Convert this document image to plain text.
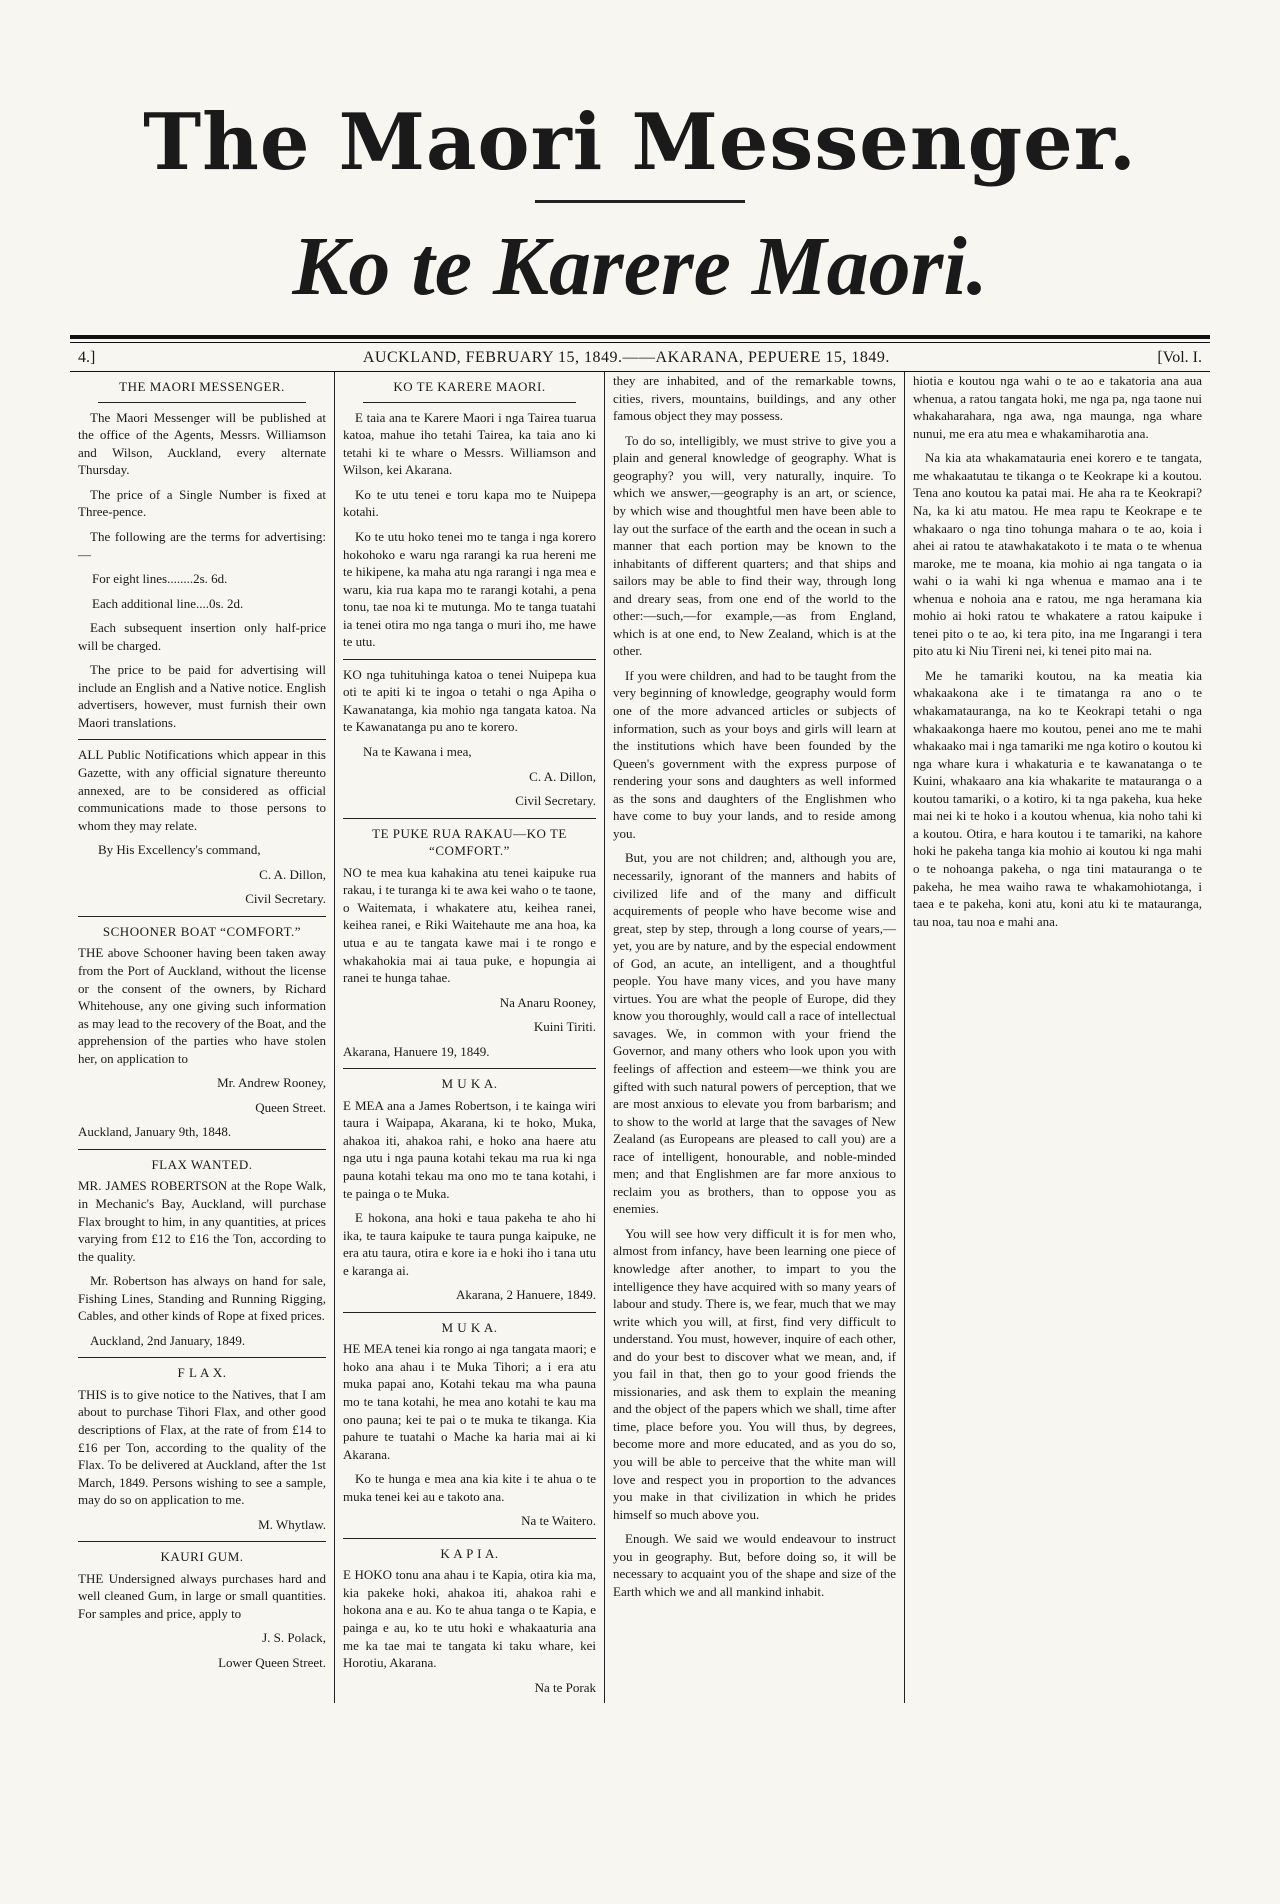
The Maori Messenger.
Ko te Karere Maori.
4.]	AUCKLAND, FEBRUARY 15, 1849.——AKARANA, PEPUERE 15, 1849.	[Vol. I.
THE MAORI MESSENGER.

The Maori Messenger will be published at the office of the Agents, Messrs. Williamson and Wilson, Auckland, every alternate Thursday.

The price of a Single Number is fixed at Three-pence.

The following are the terms for advertising:—

For eight lines........2s. 6d.

Each additional line....0s. 2d.

Each subsequent insertion only half-price will be charged.

The price to be paid for advertising will include an English and a Native notice. English advertisers, however, must furnish their own Maori translations.

ALL Public Notifications which appear in this Gazette, with any official signature thereunto annexed, are to be considered as official communications made to those persons to whom they may relate.

By His Excellency's command,

C. A. Dillon,

Civil Secretary.

SCHOONER BOAT “COMFORT.”

THE above Schooner having been taken away from the Port of Auckland, without the license or the consent of the owners, by Richard Whitehouse, any one giving such information as may lead to the recovery of the Boat, and the apprehension of the parties who have stolen her, on application to

Mr. Andrew Rooney,

Queen Street.

Auckland, January 9th, 1848.

FLAX WANTED.

MR. JAMES ROBERTSON at the Rope Walk, in Mechanic's Bay, Auckland, will purchase Flax brought to him, in any quantities, at prices varying from £12 to £16 the Ton, according to the quality.

Mr. Robertson has always on hand for sale, Fishing Lines, Standing and Running Rigging, Cables, and other kinds of Rope at fixed prices.

Auckland, 2nd January, 1849.

F L A X.

THIS is to give notice to the Natives, that I am about to purchase Tihori Flax, and other good descriptions of Flax, at the rate of from £14 to £16 per Ton, according to the quality of the Flax. To be delivered at Auckland, after the 1st March, 1849. Persons wishing to see a sample, may do so on application to me.

M. Whytlaw.

KAURI GUM.

THE Undersigned always purchases hard and well cleaned Gum, in large or small quantities. For samples and price, apply to

J. S. Polack,

Lower Queen Street.

KO TE KARERE MAORI.

E taia ana te Karere Maori i nga Tairea tuarua katoa, mahue iho tetahi Tairea, ka taia ano ki tetahi ki te whare o Messrs. Williamson and Wilson, kei Akarana.

Ko te utu tenei e toru kapa mo te Nuipepa kotahi.

Ko te utu hoko tenei mo te tanga i nga korero hokohoko e waru nga rarangi ka rua hereni me te hikipene, ka maha atu nga rarangi i nga mea e waru, kia rua kapa mo te rarangi kotahi, a pena tonu, tae noa ki te mutunga. Mo te tanga tuatahi ia tenei otira mo nga tanga o muri iho, me hawe te utu.

KO nga tuhituhinga katoa o tenei Nuipepa kua oti te apiti ki te ingoa o tetahi o nga Apiha o Kawanatanga, kia mohio nga tangata katoa. Na te Kawanatanga pu ano te korero.

Na te Kawana i mea,

C. A. Dillon,

Civil Secretary.

TE PUKE RUA RAKAU—KO TE “COMFORT.”

NO te mea kua kahakina atu tenei kaipuke rua rakau, i te turanga ki te awa kei waho o te taone, o Waitemata, i whakatere atu, keihea ranei, keihea ranei, e Riki Waitehaute me ana hoa, ka utua e au te tangata kawe mai i te rongo e whakahokia mai ai taua puke, e hopungia ai ranei te hunga tahae.

Na Anaru Rooney,

Kuini Tiriti.

Akarana, Hanuere 19, 1849.

M U K A.

E MEA ana a James Robertson, i te kainga wiri taura i Waipapa, Akarana, ki te hoko, Muka, ahakoa iti, ahakoa rahi, e hoko ana haere atu nga utu i nga pauna kotahi tekau ma rua ki nga pauna kotahi tekau ma ono mo te tana kotahi, i te painga o te Muka.

E hokona, ana hoki e taua pakeha te aho hi ika, te taura kaipuke te taura punga kaipuke, ne era atu taura, otira e kore ia e hoki iho i tana utu e karanga ai.

Akarana, 2 Hanuere, 1849.

M U K A.

HE MEA tenei kia rongo ai nga tangata maori; e hoko ana ahau i te Muka Tihori; a i era atu muka papai ano, Kotahi tekau ma wha pauna mo te tana kotahi, he mea ano kotahi te kau ma ono pauna; kei te pai o te muka te tikanga. Kia pahure te tuatahi o Mache ka haria mai ai ki Akarana.

Ko te hunga e mea ana kia kite i te ahua o te muka tenei kei au e takoto ana.

Na te Waitero.

K A P I A.

E HOKO tonu ana ahau i te Kapia, otira kia ma, kia pakeke hoki, ahakoa iti, ahakoa rahi e hokona ana e au. Ko te ahua tanga o te Kapia, e painga e au, ko te utu hoki e whakaaturia ana me ka tae mai te tangata ki taku whare, kei Horotiu, Akarana.

Na te Porak

they are inhabited, and of the remarkable towns, cities, rivers, mountains, buildings, and any other famous object they may possess.

To do so, intelligibly, we must strive to give you a plain and general knowledge of geography. What is geography? you will, very naturally, inquire. To which we answer,—geography is an art, or science, by which wise and thoughtful men have been able to lay out the surface of the earth and the ocean in such a manner that each portion may be known to the inhabitants of different quarters; and that ships and sailors may be able to find their way, through long and dreary seas, from one end of the world to the other:—such,—for example,—as from England, which is at one end, to New Zealand, which is at the other.

If you were children, and had to be taught from the very beginning of knowledge, geography would form one of the more advanced articles or subjects of information, such as your boys and girls will learn at the institutions which have been founded by the Queen's government with the express purpose of rendering your sons and daughters as well informed as the sons and daughters of the Englishmen who have come to buy your lands, and to reside among you.

But, you are not children; and, although you are, necessarily, ignorant of the manners and habits of civilized life and of the many and difficult acquirements of people who have become wise and great, step by step, through a long course of years,—yet, you are by nature, and by the especial endowment of God, an acute, an intelligent, and a thoughtful people. You have many vices, and you have many virtues. You are what the people of Europe, did they know you thoroughly, would call a race of intellectual savages. We, in common with your friend the Governor, and many others who look upon you with feelings of affection and esteem—we think you are gifted with such natural powers of perception, that we are most anxious to elevate you from barbarism; and to show to the world at large that the savages of New Zealand (as Europeans are pleased to call you) are a race of intelligent, honourable, and noble-minded men; and that Englishmen are far more anxious to reclaim you as brothers, than to oppose you as enemies.

You will see how very difficult it is for men who, almost from infancy, have been learning one piece of knowledge after another, to impart to you the intelligence they have acquired with so many years of labour and study. There is, we fear, much that we may write which you will, at first, find very difficult to understand. You must, however, inquire of each other, and do your best to discover what we mean, and, if you fail in that, then go to your good friends the missionaries, and ask them to explain the meaning and the object of the papers which we shall, time after time, place before you. You will thus, by degrees, become more and more educated, and as you do so, you will be able to perceive that the white man will love and respect you in proportion to the advances you make in that civilization in which he prides himself so much above you.

Enough. We said we would endeavour to instruct you in geography. But, before doing so, it will be necessary to acquaint you of the shape and size of the Earth which we and all mankind inhabit.

hiotia e koutou nga wahi o te ao e takatoria ana aua whenua, a ratou tangata hoki, me nga pa, nga taone nui whakaharahara, nga awa, nga maunga, nga whare nunui, me era atu mea e whakamiharotia ana.

Na kia ata whakamatauria enei korero e te tangata, me whakaatutau te tikanga o te Keokrape ki a koutou. Tena ano koutou ka patai mai. He aha ra te Keokrapi? Na, ka ki atu matou. He mea rapu te Keokrape e te whakaaro o nga tino tohunga mahara o te ao, koia i ahei ai ratou te atawhakatakoto i te mata o te whenua maroke, me te moana, kia mohio ai nga tangata o ia wahi o ia wahi ki nga whenua e mamao ana i te whenua e nohoia ana e ratou, me nga heramana kia mohio ai hoki ratou te whakatere a ratou kaipuke i tenei pito o te ao, ki tera pito, ina me Ingarangi i tera pito atu ki Niu Tireni nei, ki tenei pito mai na.

Me he tamariki koutou, na ka meatia kia whakaakona ake i te timatanga ra ano o te whakamatauranga, na ko te Keokrapi tetahi o nga whakaakonga haere mo koutou, penei ano me te mahi whakaako mai i nga tamariki me nga kotiro o koutou ki nga whare kura i whakaturia e te kawanatanga o te Kuini, whakaaro ana kia whakarite te matauranga o a koutou tamariki, o a kotiro, ki ta nga pakeha, kua heke mai nei ki te hoko i a koutou whenua, kia noho tahi ki a koutou. Otira, e hara koutou i te tamariki, na kahore hoki he pakeha tanga kia mohio ai koutou ki nga mahi o te nohoanga pakeha, o nga tini matauranga o te pakeha, he mea waiho rawa te whakamohiotanga, i taea e te pakeha, koni atu, koni atu ki te matauranga, tau noa, tau noa e mahi ana.
